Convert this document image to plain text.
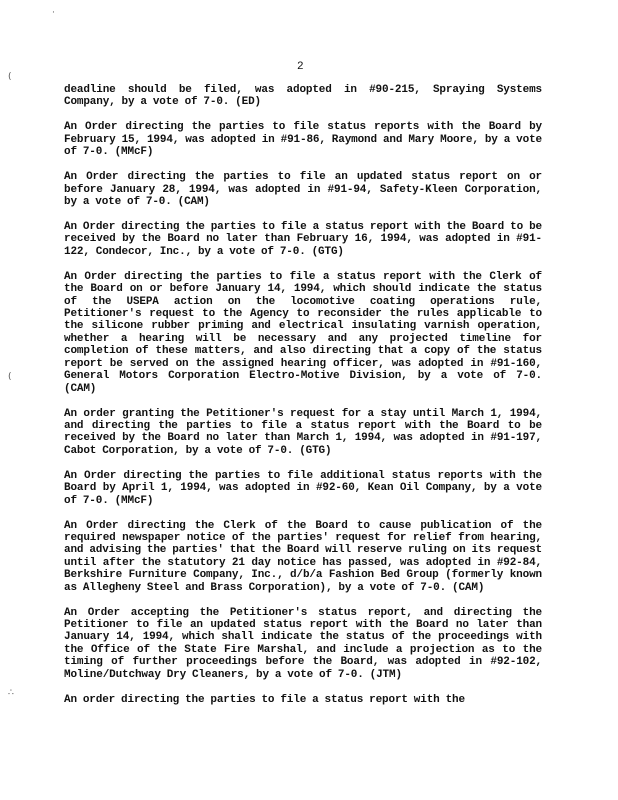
·
(
(
∴
2

deadline should be filed, was adopted in #90-215, Spraying Systems Company, by a vote of 7-0. (ED)

An Order directing the parties to file status reports with the Board by February 15, 1994, was adopted in #91-86, Raymond and Mary Moore, by a vote of 7-0. (MMcF)

An Order directing the parties to file an updated status report on or before January 28, 1994, was adopted in #91-94, Safety-Kleen Corporation, by a vote of 7-0. (CAM)

An Order directing the parties to file a status report with the Board to be received by the Board no later than February 16, 1994, was adopted in #91-122, Condecor, Inc., by a vote of 7-0. (GTG)

An Order directing the parties to file a status report with the Clerk of the Board on or before January 14, 1994, which should indicate the status of the USEPA action on the locomotive coating operations rule, Petitioner's request to the Agency to reconsider the rules applicable to the silicone rubber priming and electrical insulating varnish operation, whether a hearing will be necessary and any projected timeline for completion of these matters, and also directing that a copy of the status report be served on the assigned hearing officer, was adopted in #91-160, General Motors Corporation Electro-Motive Division, by a vote of 7-0. (CAM)

An order granting the Petitioner's request for a stay until March 1, 1994, and directing the parties to file a status report with the Board to be received by the Board no later than March 1, 1994, was adopted in #91-197, Cabot Corporation, by a vote of 7-0. (GTG)

An Order directing the parties to file additional status reports with the Board by April 1, 1994, was adopted in #92-60, Kean Oil Company, by a vote of 7-0. (MMcF)

An Order directing the Clerk of the Board to cause publication of the required newspaper notice of the parties' request for relief from hearing, and advising the parties' that the Board will reserve ruling on its request until after the statutory 21 day notice has passed, was adopted in #92-84, Berkshire Furniture Company, Inc., d/b/a Fashion Bed Group (formerly known as Allegheny Steel and Brass Corporation), by a vote of 7-0. (CAM)

An Order accepting the Petitioner's status report, and directing the Petitioner to file an updated status report with the Board no later than January 14, 1994, which shall indicate the status of the proceedings with the Office of the State Fire Marshal, and include a projection as to the timing of further proceedings before the Board, was adopted in #92-102, Moline/Dutchway Dry Cleaners, by a vote of 7-0. (JTM)

An order directing the parties to file a status report with the
